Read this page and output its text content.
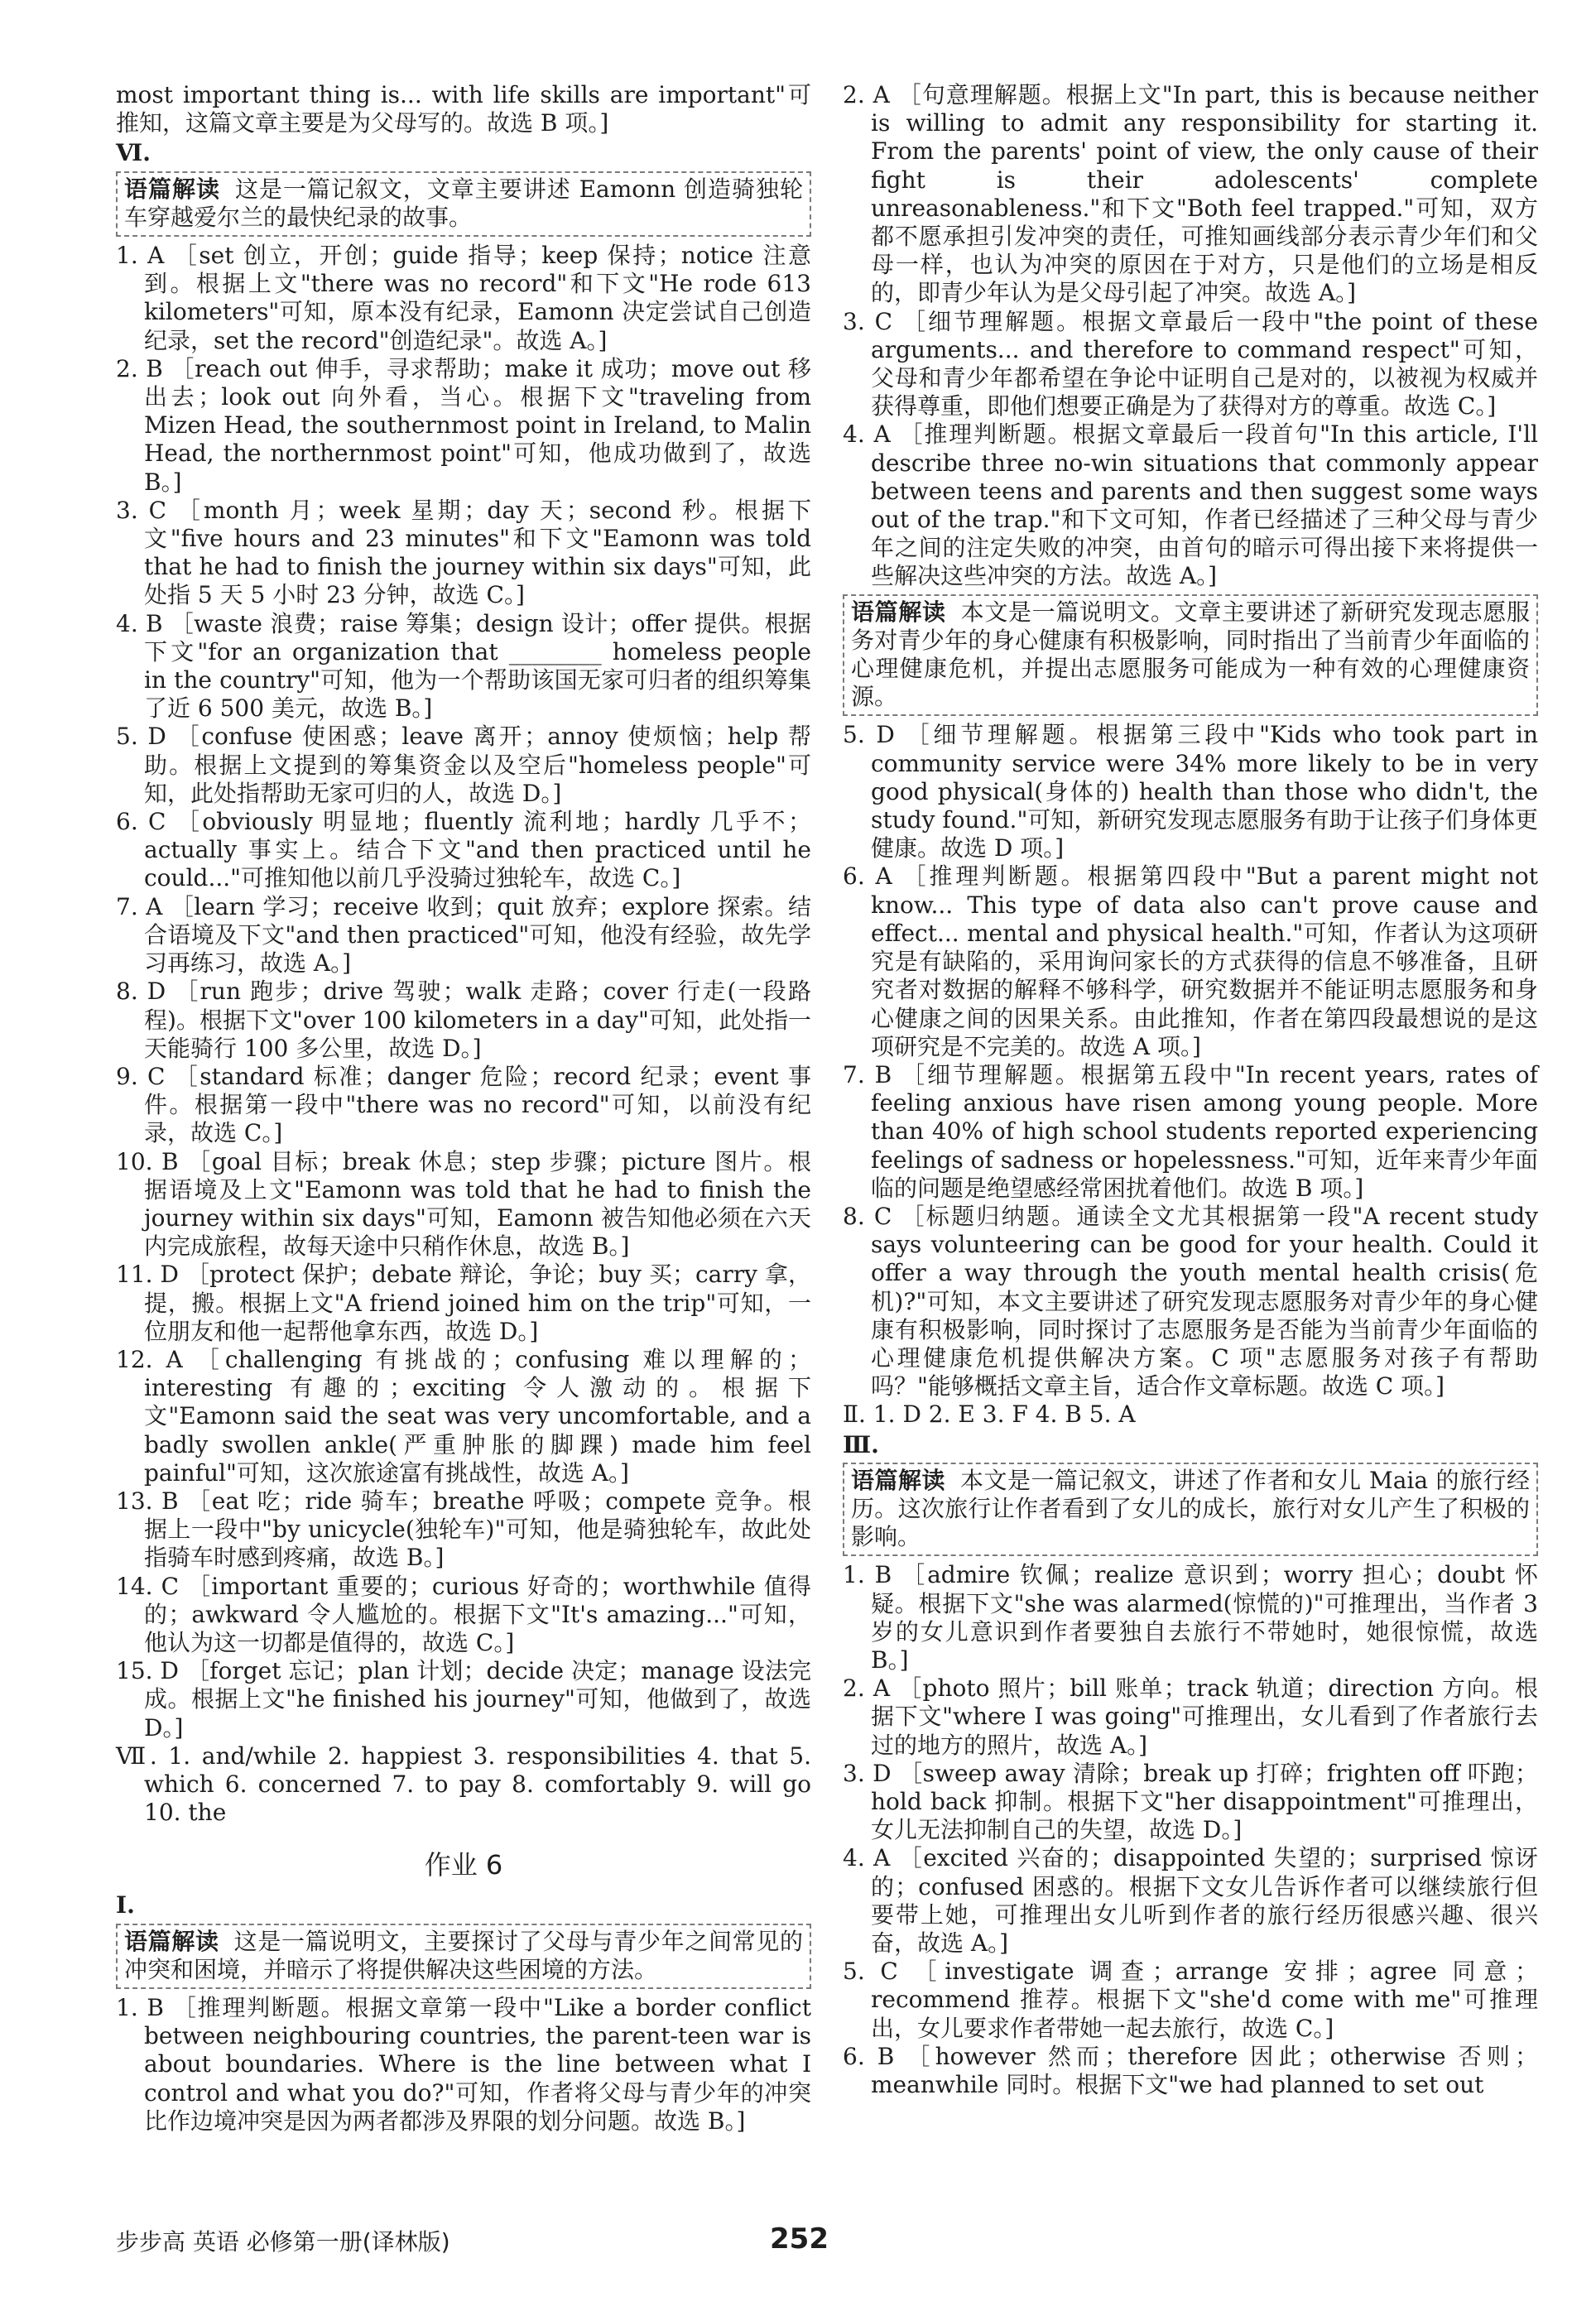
most important thing is... with life skills are important"可推知，这篇文章主要是为父母写的。故选 B 项。]
Ⅵ.
语篇解读 这是一篇记叙文，文章主要讲述 Eamonn 创造骑独轮车穿越爱尔兰的最快纪录的故事。
1. A ［set 创立，开创；guide 指导；keep 保持；notice 注意到。根据上文"there was no record"和下文"He rode 613 kilometers"可知，原本没有纪录，Eamonn 决定尝试自己创造纪录，set the record"创造纪录"。故选 A。]
2. B ［reach out 伸手，寻求帮助；make it 成功；move out 移出去；look out 向外看，当心。根据下文"traveling from Mizen Head, the southernmost point in Ireland, to Malin Head, the northernmost point"可知，他成功做到了，故选 B。]
3. C ［month 月；week 星期；day 天；second 秒。根据下文"five hours and 23 minutes"和下文"Eamonn was told that he had to finish the journey within six days"可知，此处指 5 天 5 小时 23 分钟，故选 C。]
4. B ［waste 浪费；raise 筹集；design 设计；offer 提供。根据下文"for an organization that ________ homeless people in the country"可知，他为一个帮助该国无家可归者的组织筹集了近 6 500 美元，故选 B。]
5. D ［confuse 使困惑；leave 离开；annoy 使烦恼；help 帮助。根据上文提到的筹集资金以及空后"homeless people"可知，此处指帮助无家可归的人，故选 D。]
6. C ［obviously 明显地；fluently 流利地；hardly 几乎不；actually 事实上。结合下文"and then practiced until he could..."可推知他以前几乎没骑过独轮车，故选 C。]
7. A ［learn 学习；receive 收到；quit 放弃；explore 探索。结合语境及下文"and then practiced"可知，他没有经验，故先学习再练习，故选 A。]
8. D ［run 跑步；drive 驾驶；walk 走路；cover 行走(一段路程)。根据下文"over 100 kilometers in a day"可知，此处指一天能骑行 100 多公里，故选 D。]
9. C ［standard 标准；danger 危险；record 纪录；event 事件。根据第一段中"there was no record"可知，以前没有纪录，故选 C。]
10. B ［goal 目标；break 休息；step 步骤；picture 图片。根据语境及上文"Eamonn was told that he had to finish the journey within six days"可知，Eamonn 被告知他必须在六天内完成旅程，故每天途中只稍作休息，故选 B。]
11. D ［protect 保护；debate 辩论，争论；buy 买；carry 拿，提，搬。根据上文"A friend joined him on the trip"可知，一位朋友和他一起帮他拿东西，故选 D。]
12. A ［challenging 有挑战的；confusing 难以理解的；interesting 有趣的；exciting 令人激动的。根据下文"Eamonn said the seat was very uncomfortable, and a badly swollen ankle(严重肿胀的脚踝) made him feel painful"可知，这次旅途富有挑战性，故选 A。]
13. B ［eat 吃；ride 骑车；breathe 呼吸；compete 竞争。根据上一段中"by unicycle(独轮车)"可知，他是骑独轮车，故此处指骑车时感到疼痛，故选 B。]
14. C ［important 重要的；curious 好奇的；worthwhile 值得的；awkward 令人尴尬的。根据下文"It's amazing..."可知，他认为这一切都是值得的，故选 C。]
15. D ［forget 忘记；plan 计划；decide 决定；manage 设法完成。根据上文"he finished his journey"可知，他做到了，故选 D。]
Ⅶ. 1. and/while 2. happiest 3. responsibilities 4. that 5. which 6. concerned 7. to pay 8. comfortably 9. will go 10. the
作业 6
Ⅰ.
语篇解读 这是一篇说明文，主要探讨了父母与青少年之间常见的冲突和困境，并暗示了将提供解决这些困境的方法。
1. B ［推理判断题。根据文章第一段中"Like a border conflict between neighbouring countries, the parent-teen war is about boundaries. Where is the line between what I control and what you do?"可知，作者将父母与青少年的冲突比作边境冲突是因为两者都涉及界限的划分问题。故选 B。]
2. A ［句意理解题。根据上文"In part, this is because neither is willing to admit any responsibility for starting it. From the parents' point of view, the only cause of their fight is their adolescents' complete unreasonableness."和下文"Both feel trapped."可知，双方都不愿承担引发冲突的责任，可推知画线部分表示青少年们和父母一样，也认为冲突的原因在于对方，只是他们的立场是相反的，即青少年认为是父母引起了冲突。故选 A。]
3. C ［细节理解题。根据文章最后一段中"the point of these arguments... and therefore to command respect"可知，父母和青少年都希望在争论中证明自己是对的，以被视为权威并获得尊重，即他们想要正确是为了获得对方的尊重。故选 C。]
4. A ［推理判断题。根据文章最后一段首句"In this article, I'll describe three no-win situations that commonly appear between teens and parents and then suggest some ways out of the trap."和下文可知，作者已经描述了三种父母与青少年之间的注定失败的冲突，由首句的暗示可得出接下来将提供一些解决这些冲突的方法。故选 A。]
语篇解读 本文是一篇说明文。文章主要讲述了新研究发现志愿服务对青少年的身心健康有积极影响，同时指出了当前青少年面临的心理健康危机，并提出志愿服务可能成为一种有效的心理健康资源。
5. D ［细节理解题。根据第三段中"Kids who took part in community service were 34% more likely to be in very good physical(身体的) health than those who didn't, the study found."可知，新研究发现志愿服务有助于让孩子们身体更健康。故选 D 项。]
6. A ［推理判断题。根据第四段中"But a parent might not know... This type of data also can't prove cause and effect... mental and physical health."可知，作者认为这项研究是有缺陷的，采用询问家长的方式获得的信息不够准备，且研究者对数据的解释不够科学，研究数据并不能证明志愿服务和身心健康之间的因果关系。由此推知，作者在第四段最想说的是这项研究是不完美的。故选 A 项。]
7. B ［细节理解题。根据第五段中"In recent years, rates of feeling anxious have risen among young people. More than 40% of high school students reported experiencing feelings of sadness or hopelessness."可知，近年来青少年面临的问题是绝望感经常困扰着他们。故选 B 项。]
8. C ［标题归纳题。通读全文尤其根据第一段"A recent study says volunteering can be good for your health. Could it offer a way through the youth mental health crisis(危机)?"可知，本文主要讲述了研究发现志愿服务对青少年的身心健康有积极影响，同时探讨了志愿服务是否能为当前青少年面临的心理健康危机提供解决方案。C 项"志愿服务对孩子有帮助吗？"能够概括文章主旨，适合作文章标题。故选 C 项。]
Ⅱ. 1. D 2. E 3. F 4. B 5. A
Ⅲ.
语篇解读 本文是一篇记叙文，讲述了作者和女儿 Maia 的旅行经历。这次旅行让作者看到了女儿的成长，旅行对女儿产生了积极的影响。
1. B ［admire 钦佩；realize 意识到；worry 担心；doubt 怀疑。根据下文"she was alarmed(惊慌的)"可推理出，当作者 3 岁的女儿意识到作者要独自去旅行不带她时，她很惊慌，故选 B。]
2. A ［photo 照片；bill 账单；track 轨道；direction 方向。根据下文"where I was going"可推理出，女儿看到了作者旅行去过的地方的照片，故选 A。]
3. D ［sweep away 清除；break up 打碎；frighten off 吓跑；hold back 抑制。根据下文"her disappointment"可推理出，女儿无法抑制自己的失望，故选 D。]
4. A ［excited 兴奋的；disappointed 失望的；surprised 惊讶的；confused 困惑的。根据下文女儿告诉作者可以继续旅行但要带上她，可推理出女儿听到作者的旅行经历很感兴趣、很兴奋，故选 A。]
5. C ［investigate 调查；arrange 安排；agree 同意；recommend 推荐。根据下文"she'd come with me"可推理出，女儿要求作者带她一起去旅行，故选 C。]
6. B ［however 然而；therefore 因此；otherwise 否则；meanwhile 同时。根据下文"we had planned to set out
步步高 英语 必修第一册(译林版)	252
